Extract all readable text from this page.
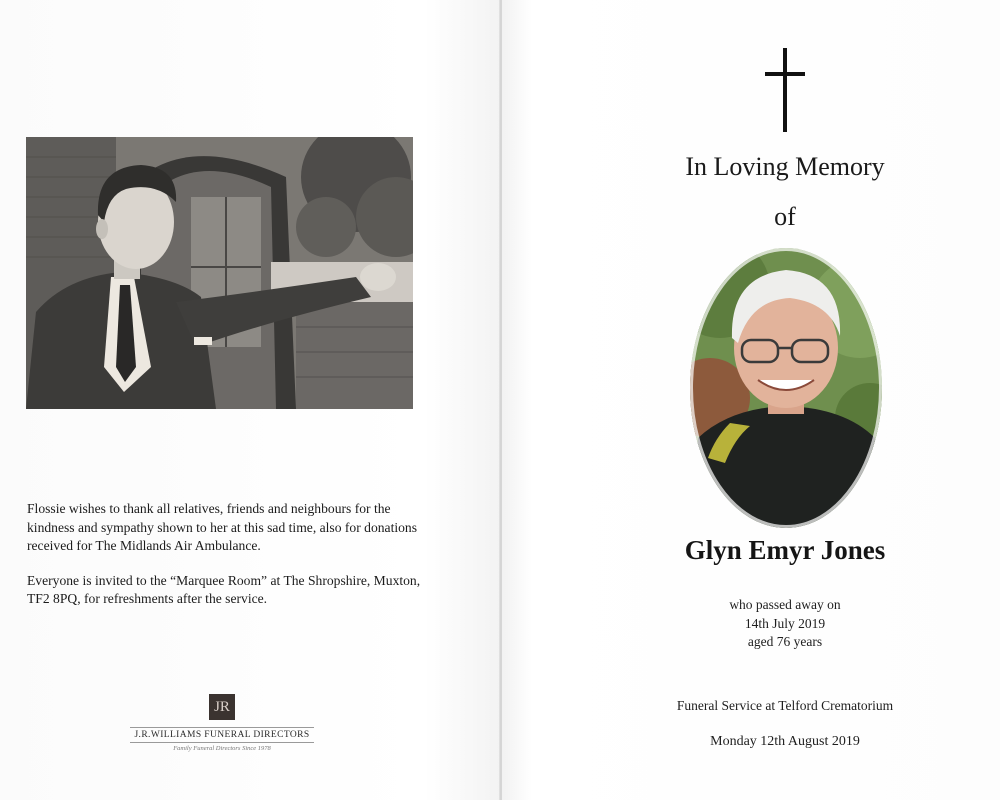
Flossie wishes to thank all relatives, friends and neighbours for the kindness and sympathy shown to her at this sad time, also for donations received for The Midlands Air Ambulance.

Everyone is invited to the “Marquee Room” at The Shropshire, Muxton, TF2 8PQ, for refreshments after the service.

JR
J.R.WILLIAMS FUNERAL DIRECTORS
Family Funeral Directors Since 1978
In Loving Memory
of
Glyn Emyr Jones
who passed away on
14th July 2019
aged 76 years
Funeral Service at Telford Crematorium
Monday 12th August 2019
